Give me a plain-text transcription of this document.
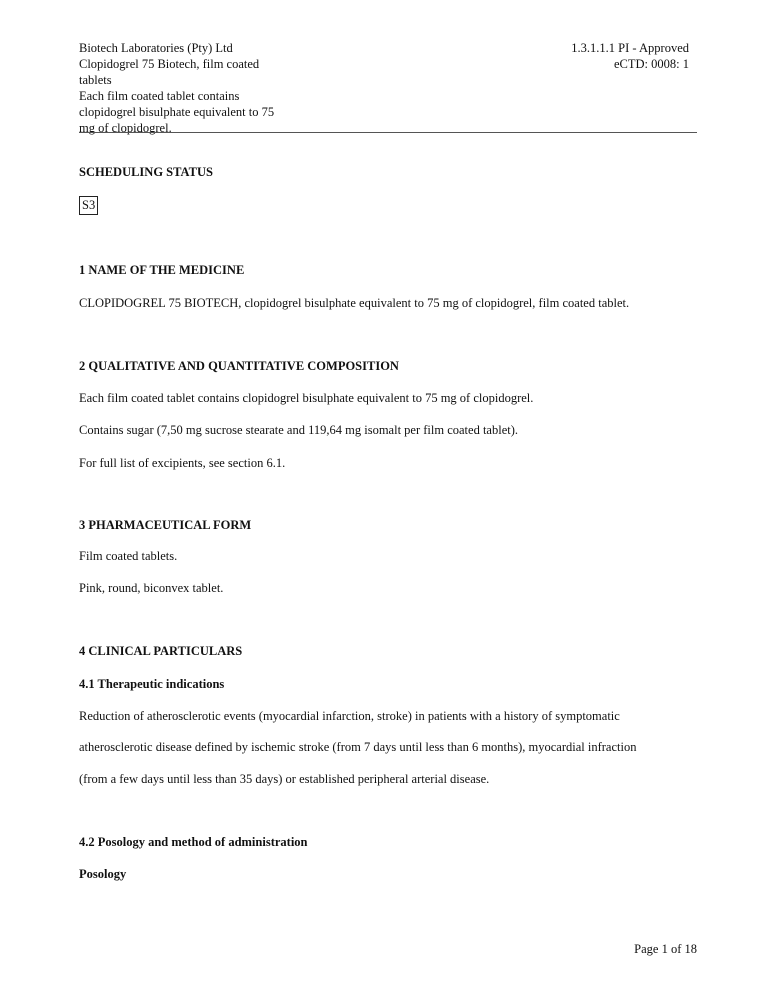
Biotech Laboratories (Pty) Ltd
Clopidogrel 75 Biotech, film coated
tablets
Each film coated tablet contains
clopidogrel bisulphate equivalent to 75
mg of clopidogrel.
1.3.1.1.1 PI - Approved
eCTD: 0008: 1

SCHEDULING STATUS

S3

1 NAME OF THE MEDICINE

CLOPIDOGREL 75 BIOTECH, clopidogrel bisulphate equivalent to 75 mg of clopidogrel, film coated tablet.

2 QUALITATIVE AND QUANTITATIVE COMPOSITION

Each film coated tablet contains clopidogrel bisulphate equivalent to 75 mg of clopidogrel.

Contains sugar (7,50 mg sucrose stearate and 119,64 mg isomalt per film coated tablet).

For full list of excipients, see section 6.1.

3 PHARMACEUTICAL FORM

Film coated tablets.

Pink, round, biconvex tablet.

4 CLINICAL PARTICULARS

4.1 Therapeutic indications

Reduction of atherosclerotic events (myocardial infarction, stroke) in patients with a history of symptomatic

atherosclerotic disease defined by ischemic stroke (from 7 days until less than 6 months), myocardial infraction

(from a few days until less than 35 days) or established peripheral arterial disease.

4.2 Posology and method of administration

Posology

Page 1 of 18
